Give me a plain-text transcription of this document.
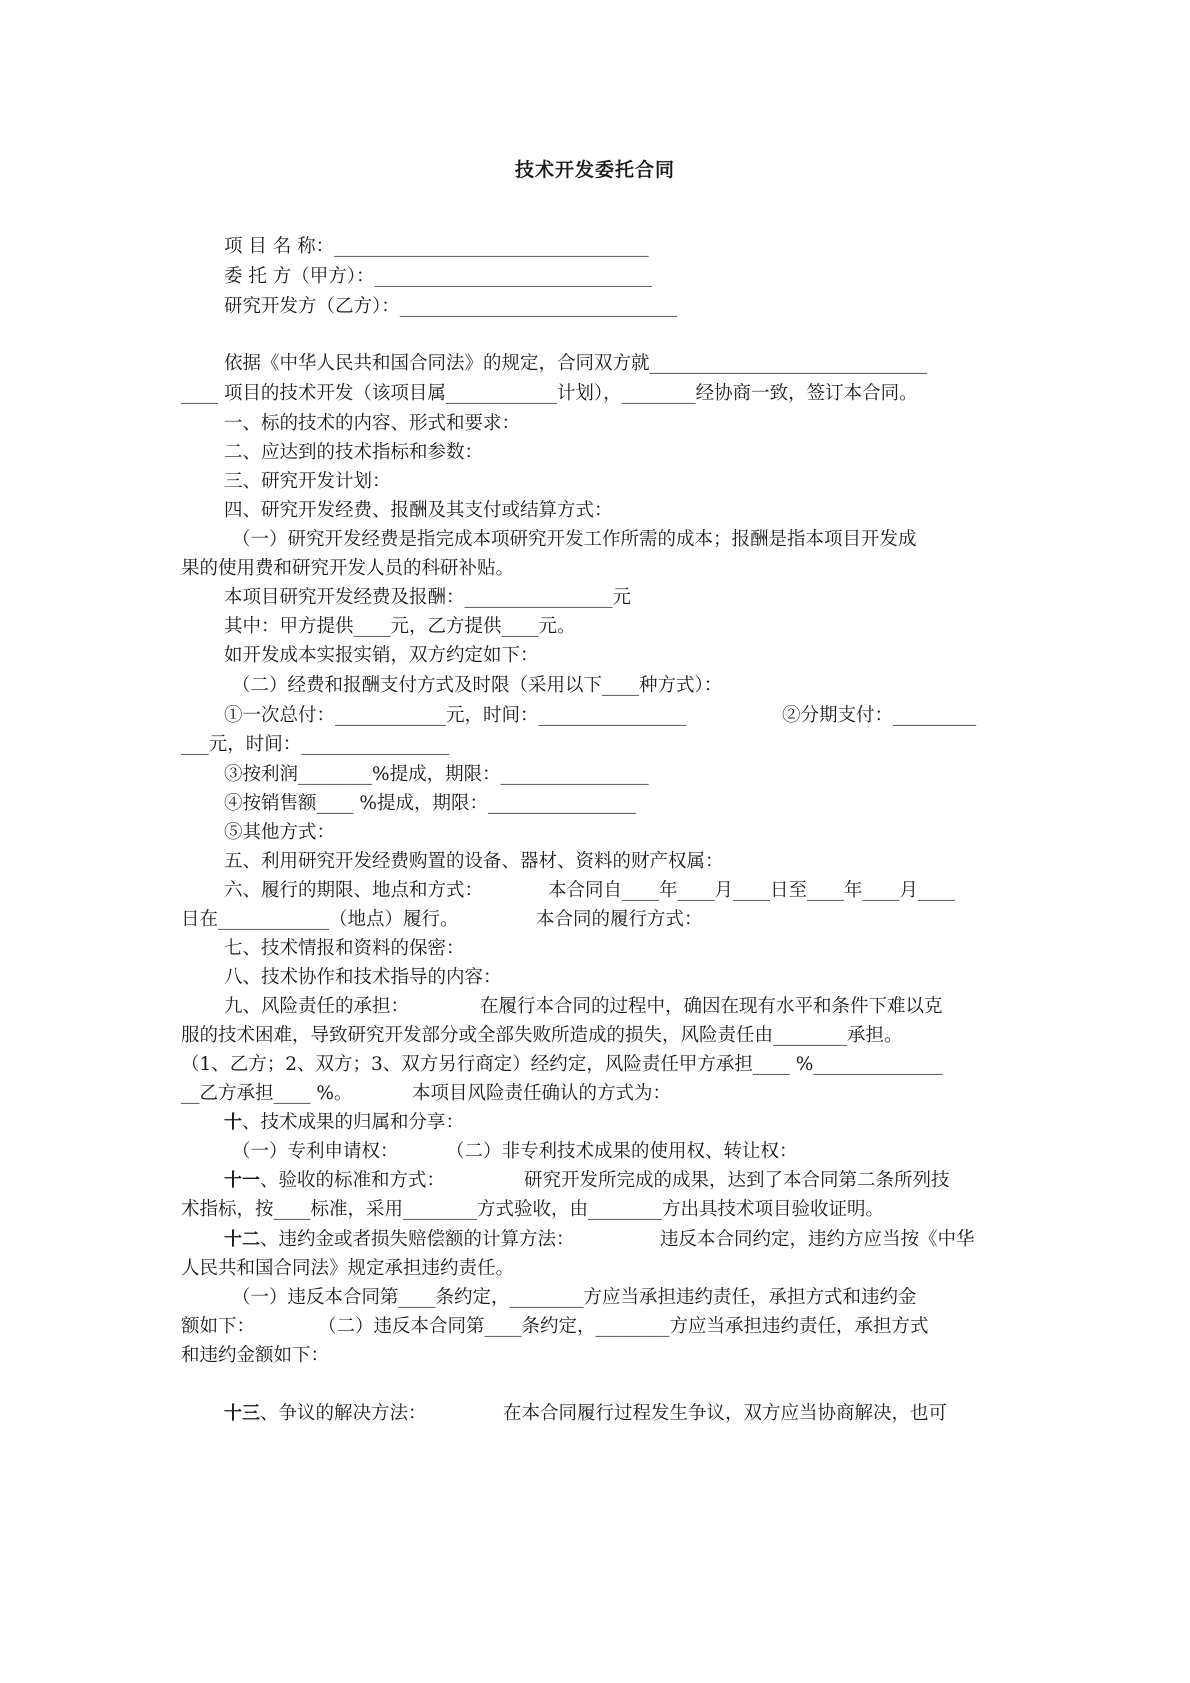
技术开发委托合同
项 目 名 称：__________________________________
委 托 方（甲方）：______________________________
研究开发方（乙方）：______________________________
依据《中华人民共和国合同法》的规定，合同双方就______________________________
____ 项目的技术开发（该项目属____________计划），________经协商一致，签订本合同。
一、标的技术的内容、形式和要求：
二、应达到的技术指标和参数：
三、研究开发计划：
四、研究开发经费、报酬及其支付或结算方式：
（一）研究开发经费是指完成本项研究开发工作所需的成本；报酬是指本项目开发成
果的使用费和研究开发人员的科研补贴。
本项目研究开发经费及报酬：________________元
其中：甲方提供____元，乙方提供____元。
如开发成本实报实销，双方约定如下：
（二）经费和报酬支付方式及时限（采用以下____种方式）：
①一次总付：____________元，时间：________________	②分期支付：_________
___元，时间：________________
③按利润________%提成，期限：________________
④按销售额____ %提成，期限：________________
⑤其他方式：
五、利用研究开发经费购置的设备、器材、资料的财产权属：
六、履行的期限、地点和方式：	本合同自____年____月____日至____年____月____
日在____________（地点）履行。	本合同的履行方式：
七、技术情报和资料的保密：
八、技术协作和技术指导的内容：
九、风险责任的承担：	在履行本合同的过程中，确因在现有水平和条件下难以克
服的技术困难，导致研究开发部分或全部失败所造成的损失，风险责任由________承担。
（1、乙方；2、双方；3、双方另行商定）经约定，风险责任甲方承担____ %______________
__乙方承担____ %。	本项目风险责任确认的方式为：
十、技术成果的归属和分享：
（一）专利申请权：	（二）非专利技术成果的使用权、转让权：
十一、验收的标准和方式：	研究开发所完成的成果，达到了本合同第二条所列技
术指标，按____标准，采用________方式验收，由________方出具技术项目验收证明。
十二、违约金或者损失赔偿额的计算方法：	违反本合同约定，违约方应当按《中华
人民共和国合同法》规定承担违约责任。
（一）违反本合同第____条约定，________方应当承担违约责任，承担方式和违约金
额如下：	（二）违反本合同第____条约定，________方应当承担违约责任，承担方式
和违约金额如下：
十三、争议的解决方法：	在本合同履行过程发生争议，双方应当协商解决，也可
